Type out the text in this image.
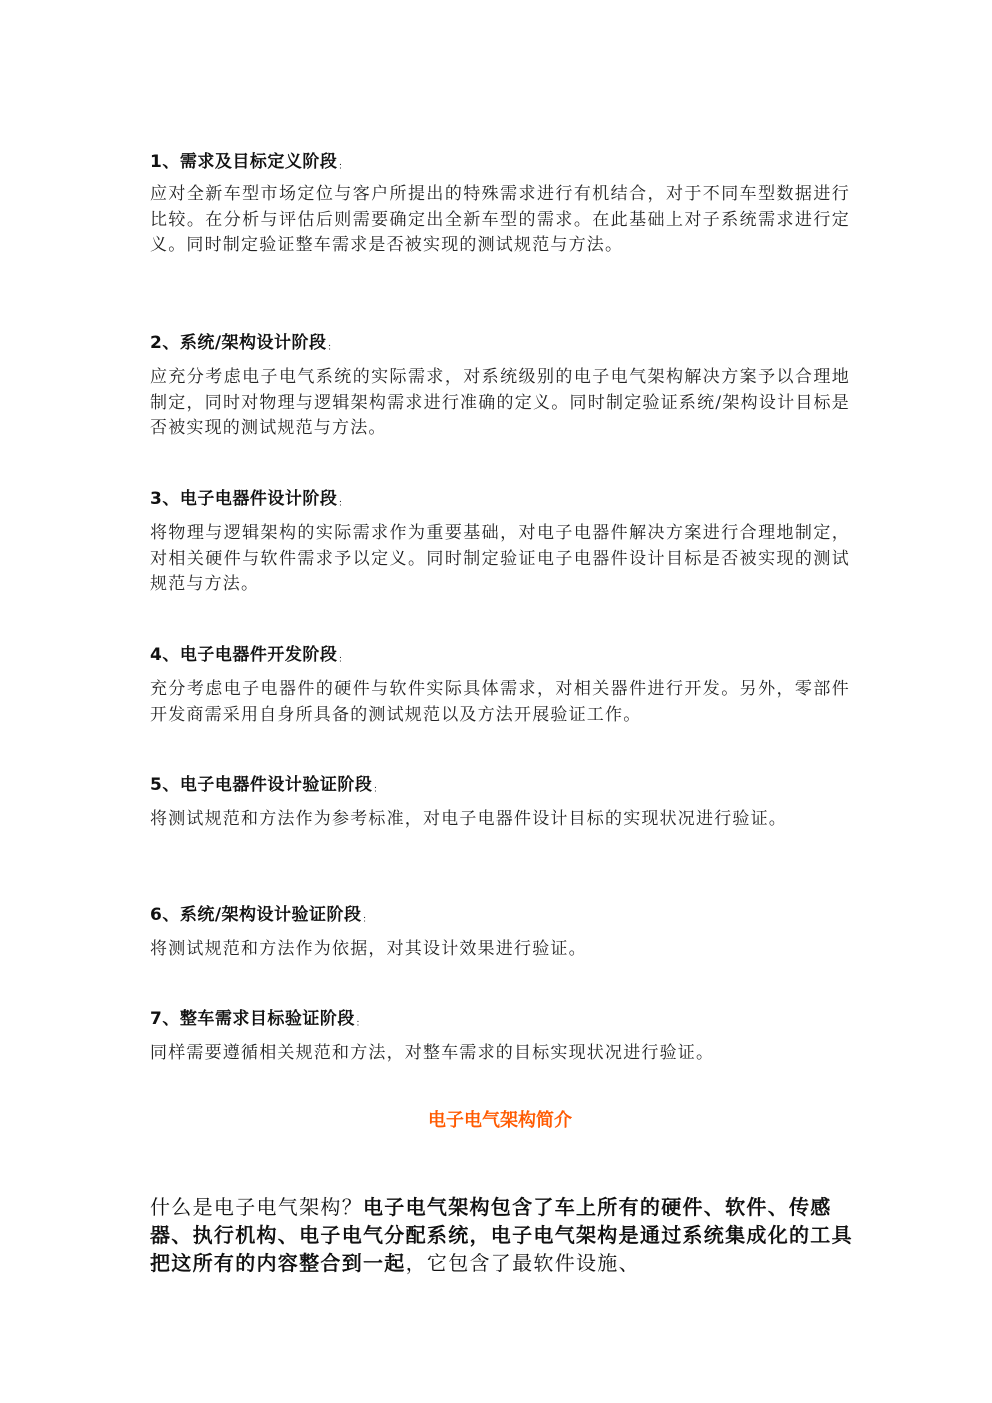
1、需求及目标定义阶段：
应对全新车型市场定位与客户所提出的特殊需求进行有机结合，对于不同车型数据进行比较。在分析与评估后则需要确定出全新车型的需求。在此基础上对子系统需求进行定义。同时制定验证整车需求是否被实现的测试规范与方法。
2、系统/架构设计阶段：
应充分考虑电子电气系统的实际需求，对系统级别的电子电气架构解决方案予以合理地制定，同时对物理与逻辑架构需求进行准确的定义。同时制定验证系统/架构设计目标是否被实现的测试规范与方法。
3、电子电器件设计阶段：
将物理与逻辑架构的实际需求作为重要基础，对电子电器件解决方案进行合理地制定，对相关硬件与软件需求予以定义。同时制定验证电子电器件设计目标是否被实现的测试规范与方法。
4、电子电器件开发阶段：
充分考虑电子电器件的硬件与软件实际具体需求，对相关器件进行开发。另外，零部件开发商需采用自身所具备的测试规范以及方法开展验证工作。
5、电子电器件设计验证阶段：
将测试规范和方法作为参考标准，对电子电器件设计目标的实现状况进行验证。
6、系统/架构设计验证阶段：
将测试规范和方法作为依据，对其设计效果进行验证。
7、整车需求目标验证阶段：
同样需要遵循相关规范和方法，对整车需求的目标实现状况进行验证。
电子电气架构简介
什么是电子电气架构？电子电气架构包含了车上所有的硬件、软件、传感器、执行机构、电子电气分配系统，电子电气架构是通过系统集成化的工具把这所有的内容整合到一起，它包含了最软件设施、
